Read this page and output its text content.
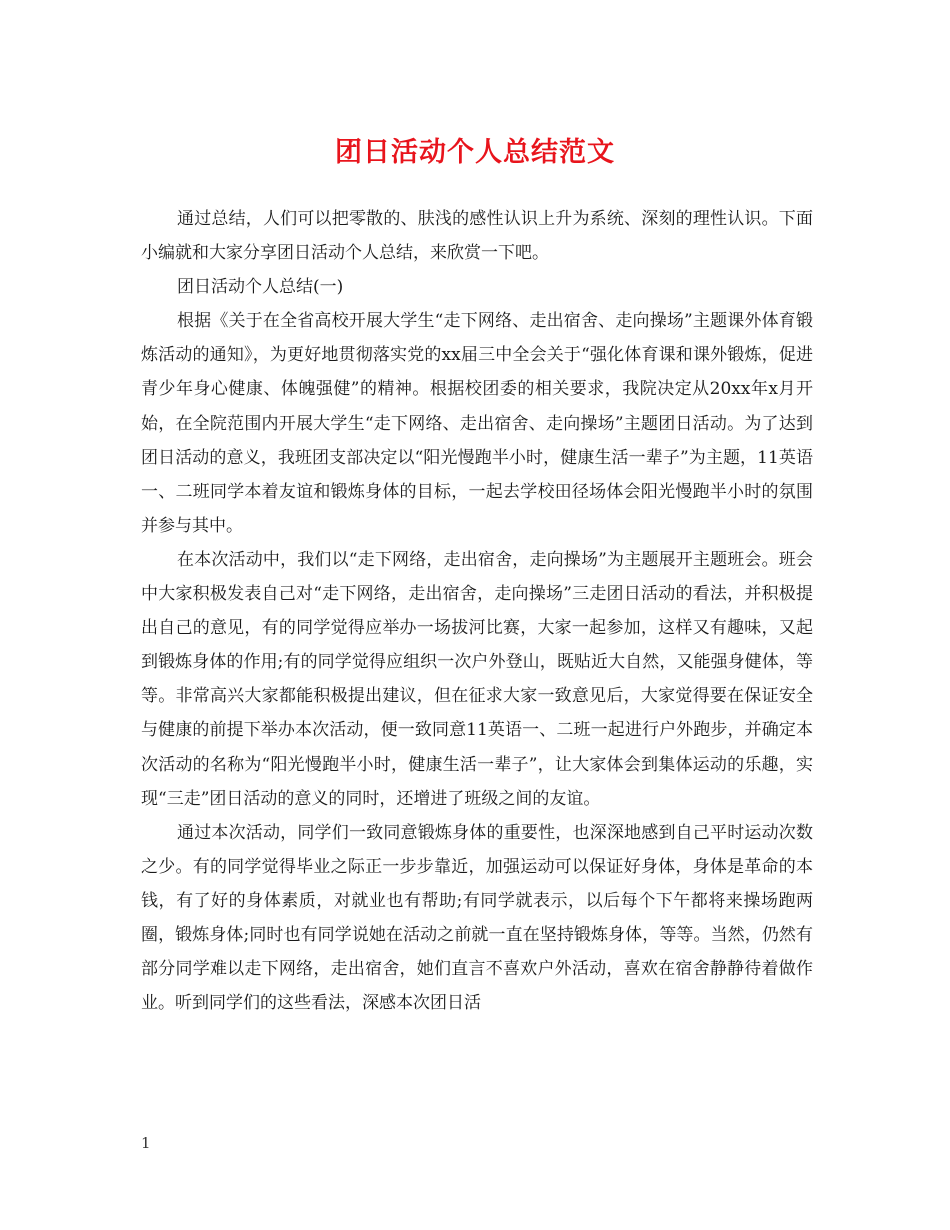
团日活动个人总结范文

通过总结，人们可以把零散的、肤浅的感性认识上升为系统、深刻的理性认识。下面小编就和大家分享团日活动个人总结，来欣赏一下吧。

团日活动个人总结(一)

根据《关于在全省高校开展大学生“走下网络、走出宿舍、走向操场”主题课外体育锻炼活动的通知》，为更好地贯彻落实党的xx届三中全会关于“强化体育课和课外锻炼，促进青少年身心健康、体魄强健”的精神。根据校团委的相关要求，我院决定从20xx年x月开始，在全院范围内开展大学生“走下网络、走出宿舍、走向操场”主题团日活动。为了达到团日活动的意义，我班团支部决定以“阳光慢跑半小时，健康生活一辈子”为主题，11英语一、二班同学本着友谊和锻炼身体的目标，一起去学校田径场体会阳光慢跑半小时的氛围并参与其中。

在本次活动中，我们以“走下网络，走出宿舍，走向操场”为主题展开主题班会。班会中大家积极发表自己对“走下网络，走出宿舍，走向操场”三走团日活动的看法，并积极提出自己的意见，有的同学觉得应举办一场拔河比赛，大家一起参加，这样又有趣味，又起到锻炼身体的作用;有的同学觉得应组织一次户外登山，既贴近大自然，又能强身健体，等等。非常高兴大家都能积极提出建议，但在征求大家一致意见后，大家觉得要在保证安全与健康的前提下举办本次活动，便一致同意11英语一、二班一起进行户外跑步，并确定本次活动的名称为“阳光慢跑半小时，健康生活一辈子”，让大家体会到集体运动的乐趣，实现“三走”团日活动的意义的同时，还增进了班级之间的友谊。

通过本次活动，同学们一致同意锻炼身体的重要性，也深深地感到自己平时运动次数之少。有的同学觉得毕业之际正一步步靠近，加强运动可以保证好身体，身体是革命的本钱，有了好的身体素质，对就业也有帮助;有同学就表示，以后每个下午都将来操场跑两圈，锻炼身体;同时也有同学说她在活动之前就一直在坚持锻炼身体，等等。当然，仍然有部分同学难以走下网络，走出宿舍，她们直言不喜欢户外活动，喜欢在宿舍静静待着做作业。听到同学们的这些看法，深感本次团日活

1
